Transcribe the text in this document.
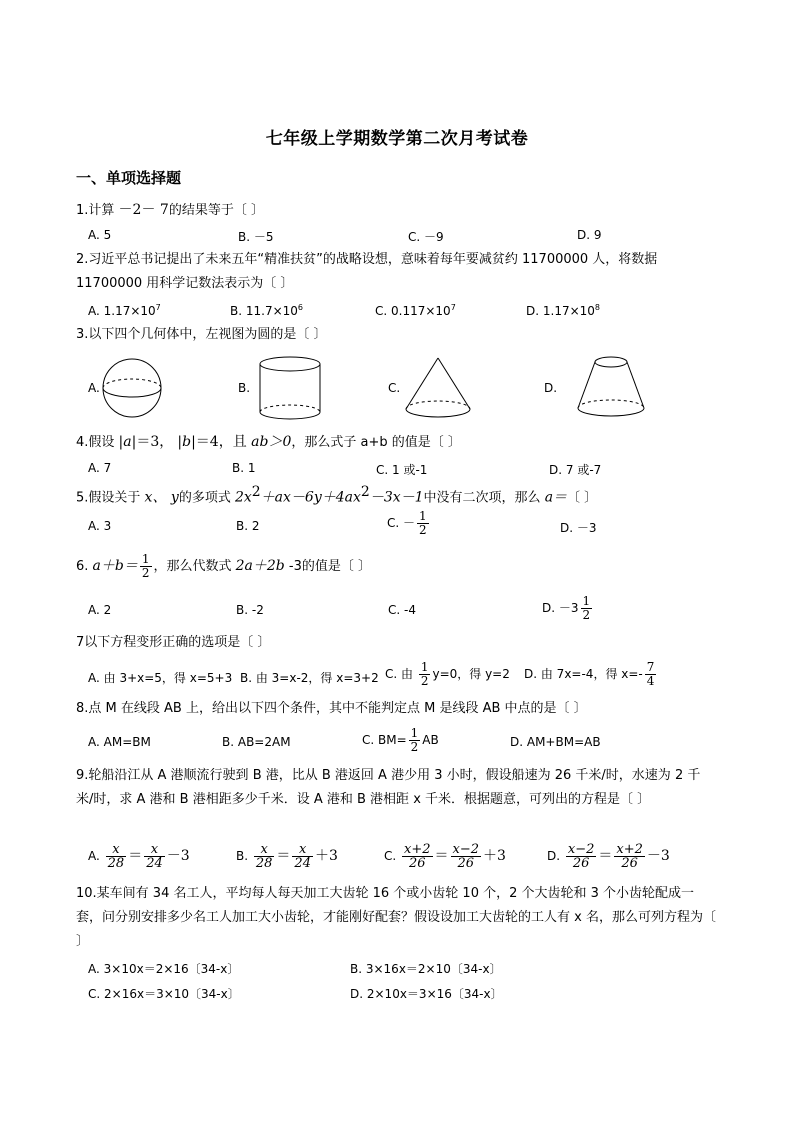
七年级上学期数学第二次月考试卷
一、单项选择题
1.计算 －2－ 7的结果等于〔 〕
A. 5	B. －5	C. －9	D. 9
2.习近平总书记提出了未来五年“精准扶贫”的战略设想，意味着每年要减贫约 11700000 人，将数据
11700000 用科学记数法表示为〔 〕
A. $1.17\times 10^7$	B. $11.7\times 10^6$	C. $0.117\times 10^7$	D. $1.17\times 10^8$
3.以下四个几何体中，左视图为圆的是〔 〕
A.	B.	C.	D.
4.假设 |a|＝3， |b|＝4，且 ab＞0，那么式子 a+b 的值是〔 〕
A. 7	B. 1	C. 1 或-1	D. 7 或-7
5.假设关于 x、 y的多项式 $2x^2+ax-6y+4ax^2-3x-1$中没有二次项，那么 a＝〔 〕
A. 3	B. 2	C. － $\frac{1}{2}$	D. －3
6. $a+b= \frac{1}{2}$ ，那么代数式 2a＋2b -3的值是〔 〕
A. 2	B. -2	C. -4	D. $-3 \frac{1}{2}$
7以下方程变形正确的选项是〔 〕
A. 由 3+x=5，得 x=5+3 B. 由 3=x-2，得 x=3+2 C. 由 $\frac{1}{2} y=0$，得 y=2 D. 由 7x=-4，得 $x=- \frac{7}{4}$
8.点 M 在线段 AB 上，给出以下四个条件，其中不能判定点 M 是线段 AB 中点的是〔 〕
A. AM=BM	B. AB=2AM	C. $BM= \frac{1}{2}$ AB	D. AM+BM=AB
9.轮船沿江从 A 港顺流行驶到 B 港，比从 B 港返回 A 港少用 3 小时，假设船速为 26 千米/时，水速为 2 千米/时，求 A 港和 B 港相距多少千米．设 A 港和 B 港相距 x 千米．根据题意，可列出的方程是〔 〕
A. $\frac{x}{28} = \frac{x}{24} -3$	B. $\frac{x}{28} = \frac{x}{24} +3$	C. $\frac{x+2}{26} = \frac{x-2}{26} +3$	D. $\frac{x-2}{26} = \frac{x+2}{26} -3$
10.某车间有 34 名工人，平均每人每天加工大齿轮 16 个或小齿轮 10 个，2 个大齿轮和 3 个小齿轮配成一套，问分别安排多少名工人加工大小齿轮，才能刚好配套？假设设加工大齿轮的工人有 x 名，那么可列方程为〔 〕
A. 3×10x＝2×16〔34-x〕	B. 3×16x＝2×10〔34-x〕
C. 2×16x＝3×10〔34-x〕	D. 2×10x＝3×16〔34-x〕
